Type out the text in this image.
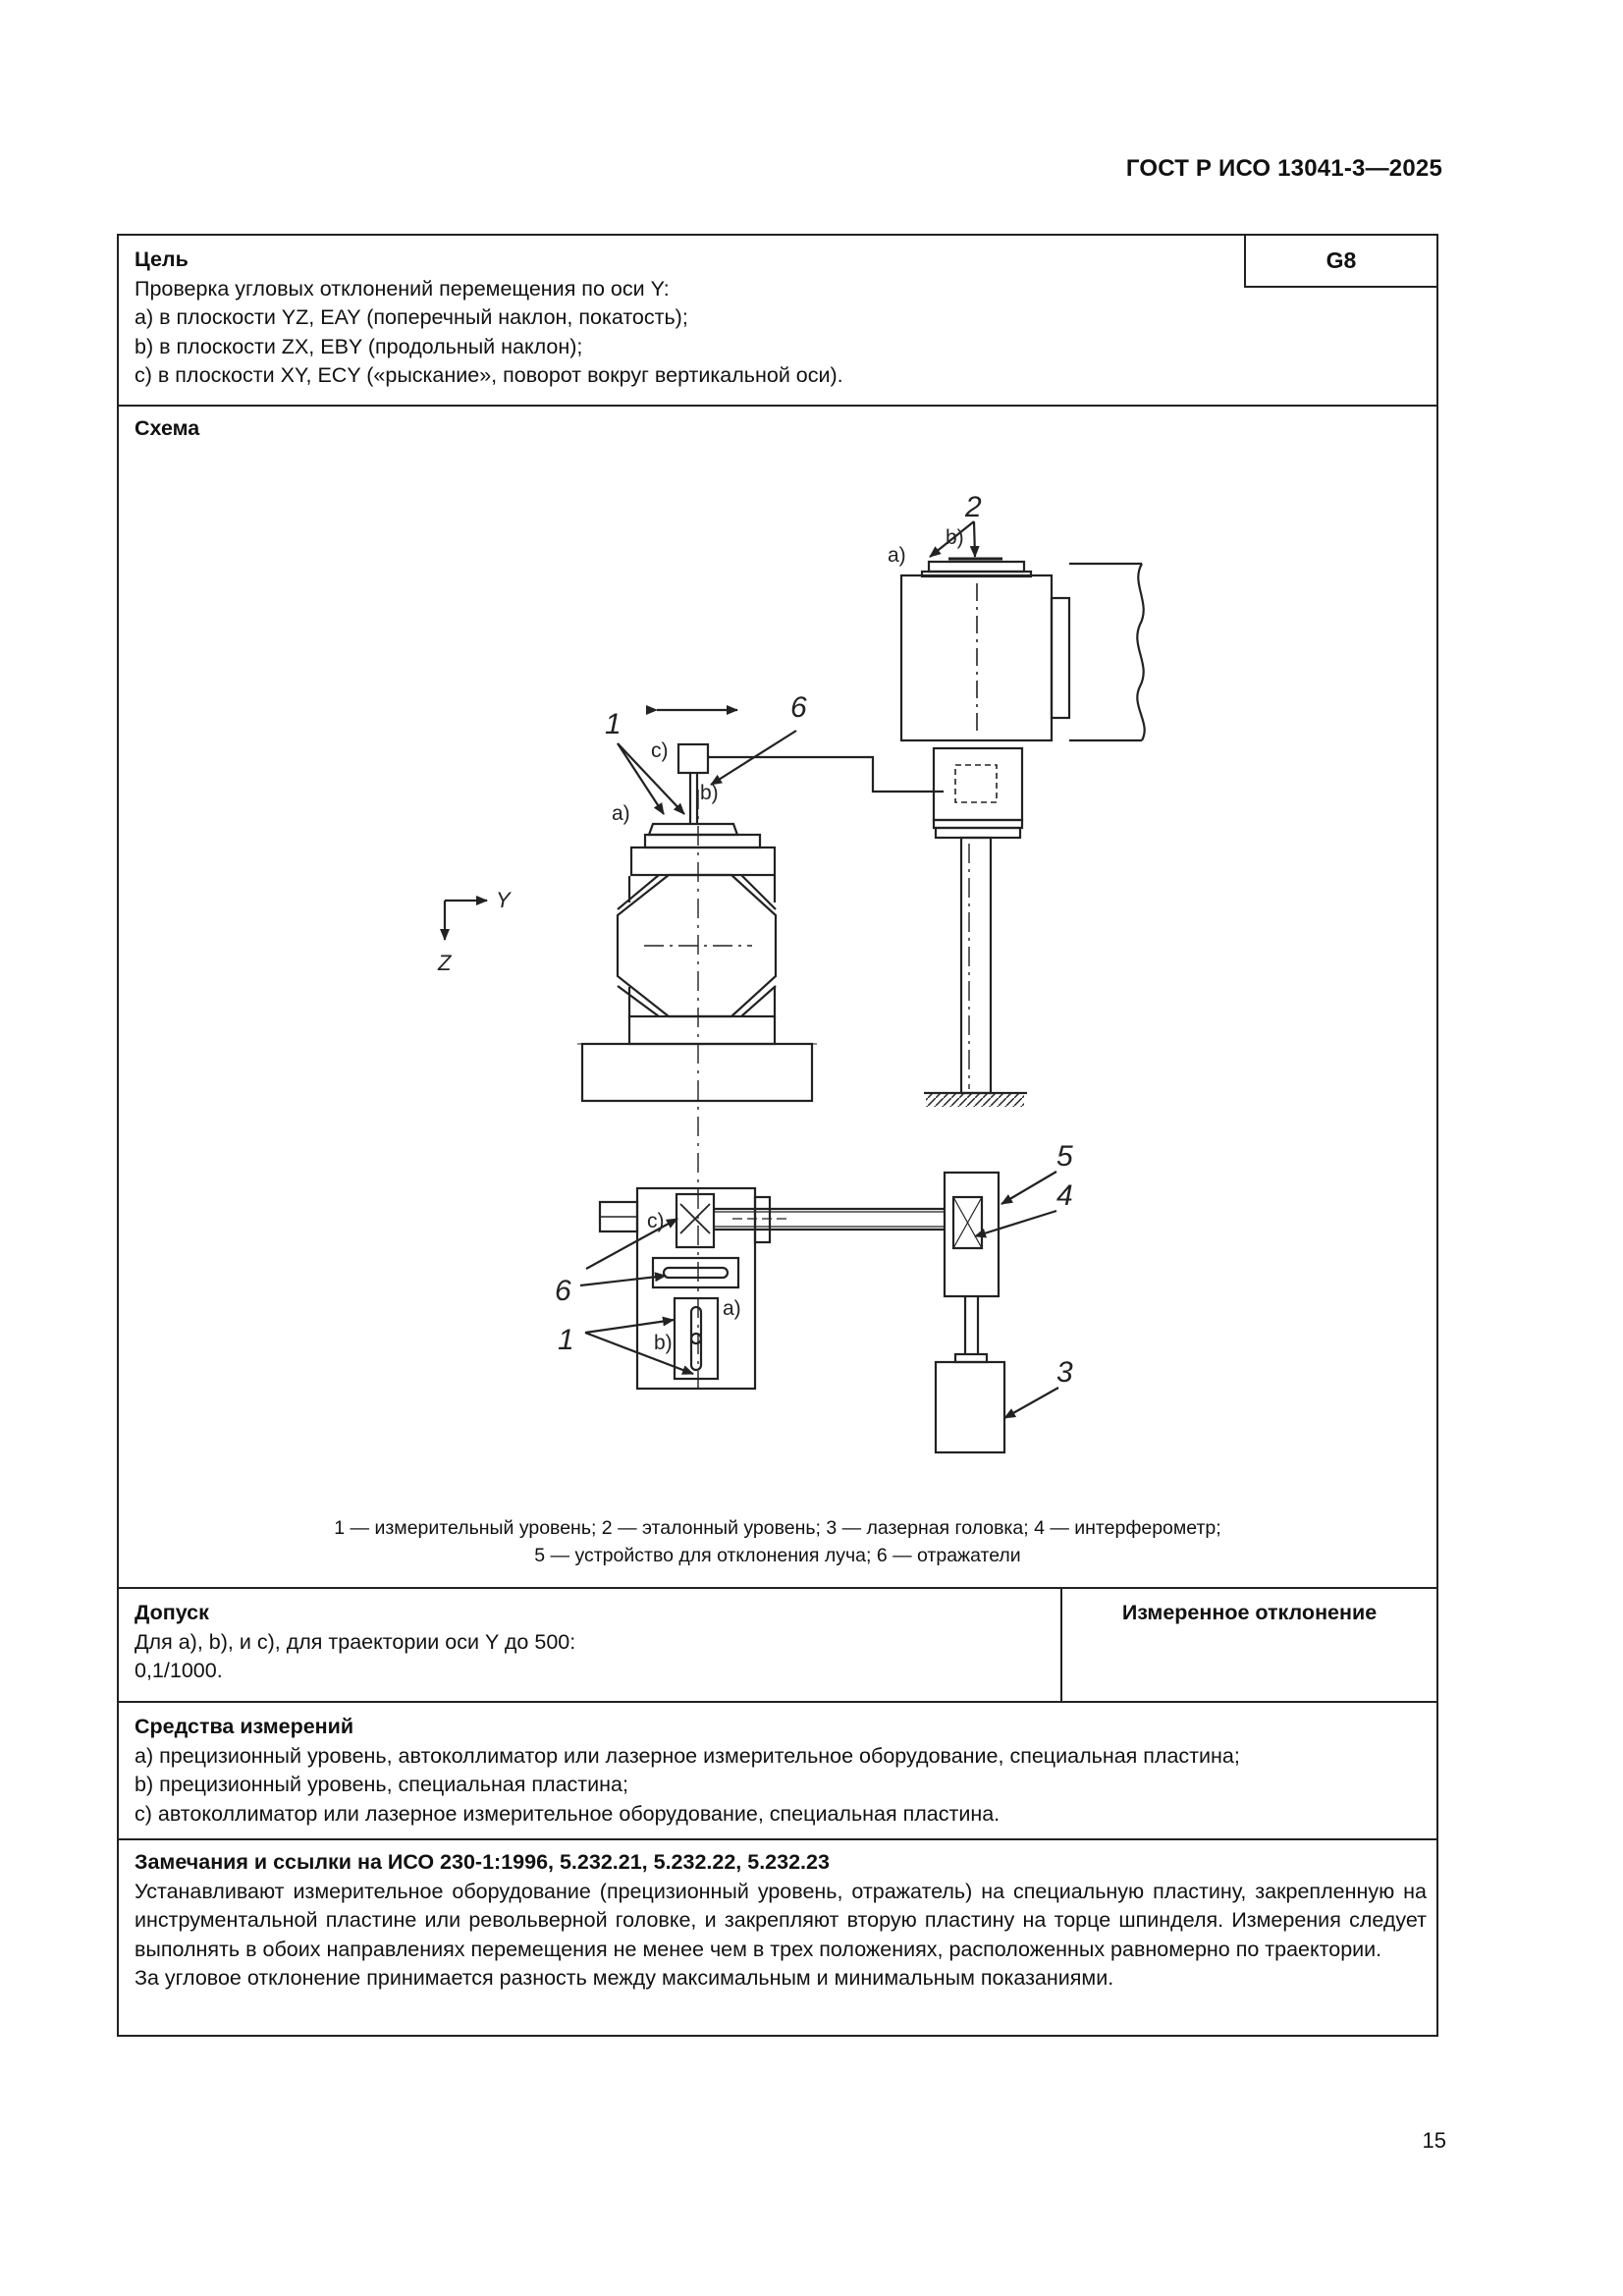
ГОСТ Р ИСО 13041-3—2025
G8
Цель
Проверка угловых отклонений перемещения по оси Y:
a) в плоскости YZ, EAY (поперечный наклон, покатость);
b) в плоскости ZX, EBY (продольный наклон);
c) в плоскости XY, ECY («рыскание», поворот вокруг вертикальной оси).
Схема
2
a)
b)
1
6
c)
b)
a)
Y
Z
c)
a)
b)
6
1
5
4
3
1 — измерительный уровень; 2 — эталонный уровень; 3 — лазерная головка; 4 — интерферометр;
5 — устройство для отклонения луча; 6 — отражатели
Допуск
Для a), b), и c), для траектории оси Y до 500:
0,1/1000.
Измеренное отклонение
Средства измерений
a) прецизионный уровень, автоколлиматор или лазерное измерительное оборудование, специальная пластина;
b) прецизионный уровень, специальная пластина;
c) автоколлиматор или лазерное измерительное оборудование, специальная пластина.
Замечания и ссылки на ИСО 230-1:1996, 5.232.21, 5.232.22, 5.232.23
Устанавливают измерительное оборудование (прецизионный уровень, отражатель) на специальную пластину, закрепленную на инструментальной пластине или револьверной головке, и закрепляют вторую пластину на торце шпинделя. Измерения следует выполнять в обоих направлениях перемещения не менее чем в трех положениях, расположенных равномерно по траектории.
За угловое отклонение принимается разность между максимальным и минимальным показаниями.
15
